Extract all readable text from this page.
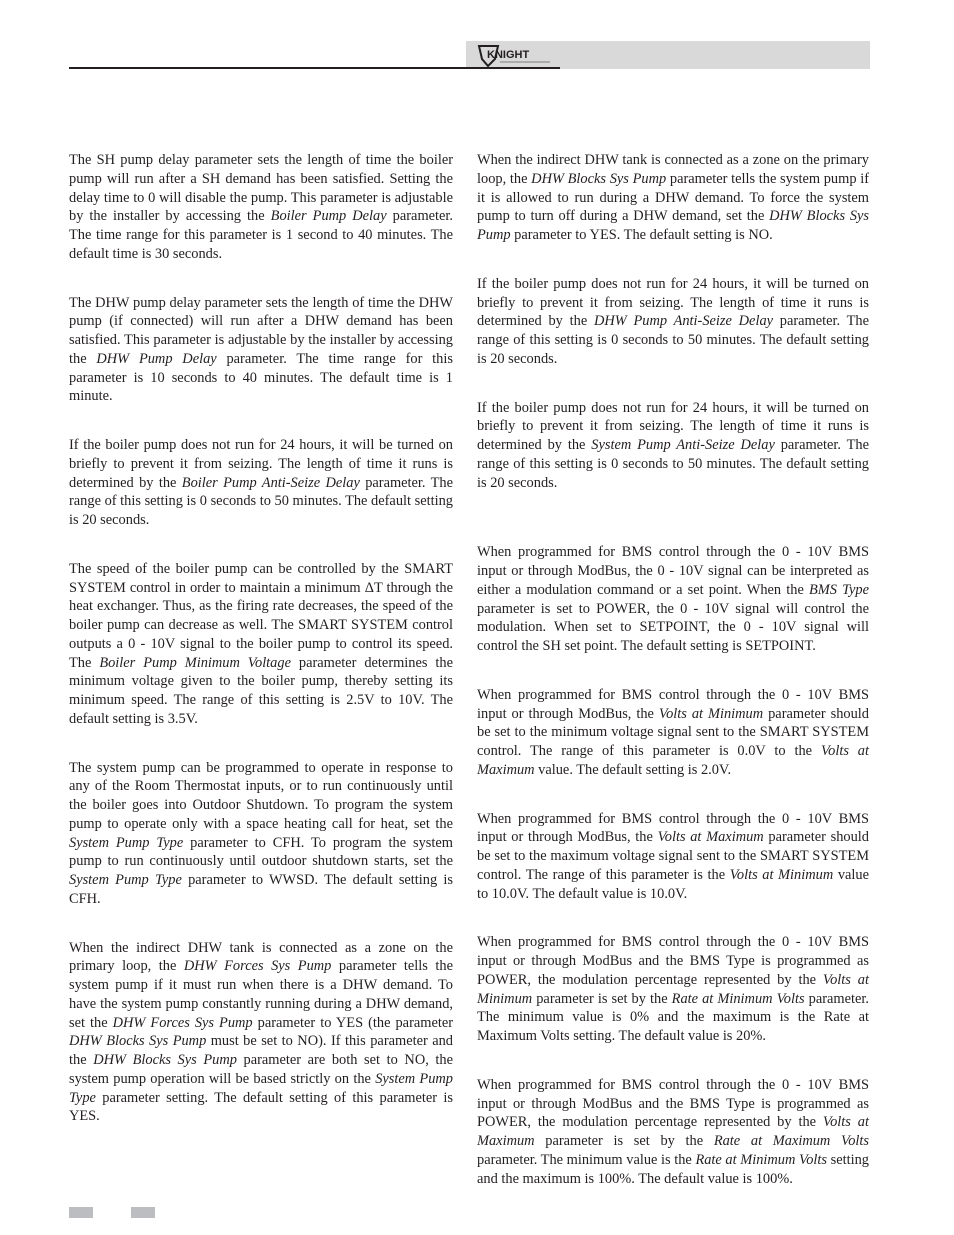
KNIGHT

The SH pump delay parameter sets the length of time the boiler pump will run after a SH demand has been satisfied. Setting the delay time to 0 will disable the pump. This parameter is adjustable by the installer by accessing the Boiler Pump Delay parameter. The time range for this parameter is 1 second to 40 minutes. The default time is 30 seconds.

The DHW pump delay parameter sets the length of time the DHW pump (if connected) will run after a DHW demand has been satisfied. This parameter is adjustable by the installer by accessing the DHW Pump Delay parameter. The time range for this parameter is 10 seconds to 40 minutes. The default time is 1 minute.

If the boiler pump does not run for 24 hours, it will be turned on briefly to prevent it from seizing. The length of time it runs is determined by the Boiler Pump Anti-Seize Delay parameter. The range of this setting is 0 seconds to 50 minutes. The default setting is 20 seconds.

The speed of the boiler pump can be controlled by the SMART SYSTEM control in order to maintain a minimum ΔT through the heat exchanger. Thus, as the firing rate decreases, the speed of the boiler pump can decrease as well. The SMART SYSTEM control outputs a 0 - 10V signal to the boiler pump to control its speed. The Boiler Pump Minimum Voltage parameter determines the minimum voltage given to the boiler pump, thereby setting its minimum speed. The range of this setting is 2.5V to 10V. The default setting is 3.5V.

The system pump can be programmed to operate in response to any of the Room Thermostat inputs, or to run continuously until the boiler goes into Outdoor Shutdown. To program the system pump to operate only with a space heating call for heat, set the System Pump Type parameter to CFH. To program the system pump to run continuously until outdoor shutdown starts, set the System Pump Type parameter to WWSD. The default setting is CFH.

When the indirect DHW tank is connected as a zone on the primary loop, the DHW Forces Sys Pump parameter tells the system pump if it must run when there is a DHW demand. To have the system pump constantly running during a DHW demand, set the DHW Forces Sys Pump parameter to YES (the parameter DHW Blocks Sys Pump must be set to NO). If this parameter and the DHW Blocks Sys Pump parameter are both set to NO, the system pump operation will be based strictly on the System Pump Type parameter setting. The default setting of this parameter is YES.

When the indirect DHW tank is connected as a zone on the primary loop, the DHW Blocks Sys Pump parameter tells the system pump if it is allowed to run during a DHW demand. To force the system pump to turn off during a DHW demand, set the DHW Blocks Sys Pump parameter to YES. The default setting is NO.

If the boiler pump does not run for 24 hours, it will be turned on briefly to prevent it from seizing. The length of time it runs is determined by the DHW Pump Anti-Seize Delay parameter. The range of this setting is 0 seconds to 50 minutes. The default setting is 20 seconds.

If the boiler pump does not run for 24 hours, it will be turned on briefly to prevent it from seizing. The length of time it runs is determined by the System Pump Anti-Seize Delay parameter. The range of this setting is 0 seconds to 50 minutes. The default setting is 20 seconds.

When programmed for BMS control through the 0 - 10V BMS input or through ModBus, the 0 - 10V signal can be interpreted as either a modulation command or a set point. When the BMS Type parameter is set to POWER, the 0 - 10V signal will control the modulation. When set to SETPOINT, the 0 - 10V signal will control the SH set point. The default setting is SETPOINT.

When programmed for BMS control through the 0 - 10V BMS input or through ModBus, the Volts at Minimum parameter should be set to the minimum voltage signal sent to the SMART SYSTEM control. The range of this parameter is 0.0V to the Volts at Maximum value. The default setting is 2.0V.

When programmed for BMS control through the 0 - 10V BMS input or through ModBus, the Volts at Maximum parameter should be set to the maximum voltage signal sent to the SMART SYSTEM control. The range of this parameter is the Volts at Minimum value to 10.0V. The default value is 10.0V.

When programmed for BMS control through the 0 - 10V BMS input or through ModBus and the BMS Type is programmed as POWER, the modulation percentage represented by the Volts at Minimum parameter is set by the Rate at Minimum Volts parameter. The minimum value is 0% and the maximum is the Rate at Maximum Volts setting. The default value is 20%.

When programmed for BMS control through the 0 - 10V BMS input or through ModBus and the BMS Type is programmed as POWER, the modulation percentage represented by the Volts at Maximum parameter is set by the Rate at Maximum Volts parameter. The minimum value is the Rate at Minimum Volts setting and the maximum is 100%. The default value is 100%.
